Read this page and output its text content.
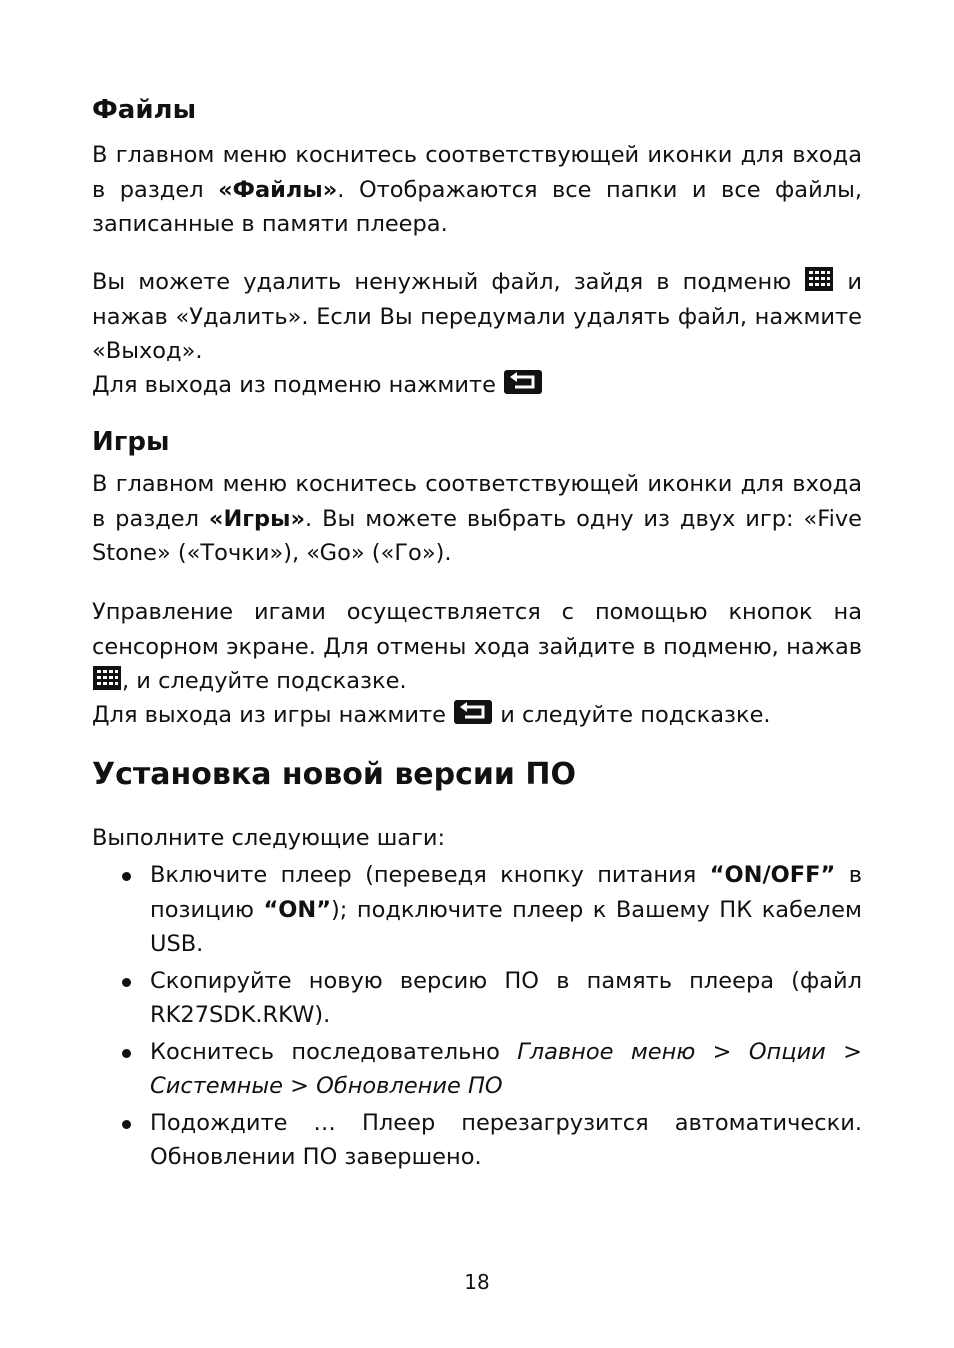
Файлы

В главном меню коснитесь соответствующей иконки для входа в раздел «Файлы». Отображаются все папки и все файлы, записанные в памяти плеера.

Вы можете удалить ненужный файл, зайдя в подменю  и нажав «Удалить». Если Вы передумали удалять файл, нажмите «Выход».

Для выхода из подменю нажмите

Игры

В главном меню коснитесь соответствующей иконки для входа в раздел «Игры». Вы можете выбрать одну из двух игр: «Five Stone» («Точки»), «Go» («Го»).

Управление игами осуществляется с помощью кнопок на сенсорном экране. Для отмены хода зайдите в подменю, нажав , и следуйте подсказке.

Для выхода из игры нажмите  и следуйте подсказке.

Установка новой версии ПО

Выполните следующие шаги:

Включите плеер (переведя кнопку питания “ON/OFF” в позицию “ON”); подключите плеер к Вашему ПК кабелем USB.
Скопируйте новую версию ПО в память плеера (файл RK27SDK.RKW).
Коснитесь последовательно Главное меню > Опции > Системные > Обновление ПО
Подождите … Плеер перезагрузится автоматически. Обновлении ПО завершено.
18
